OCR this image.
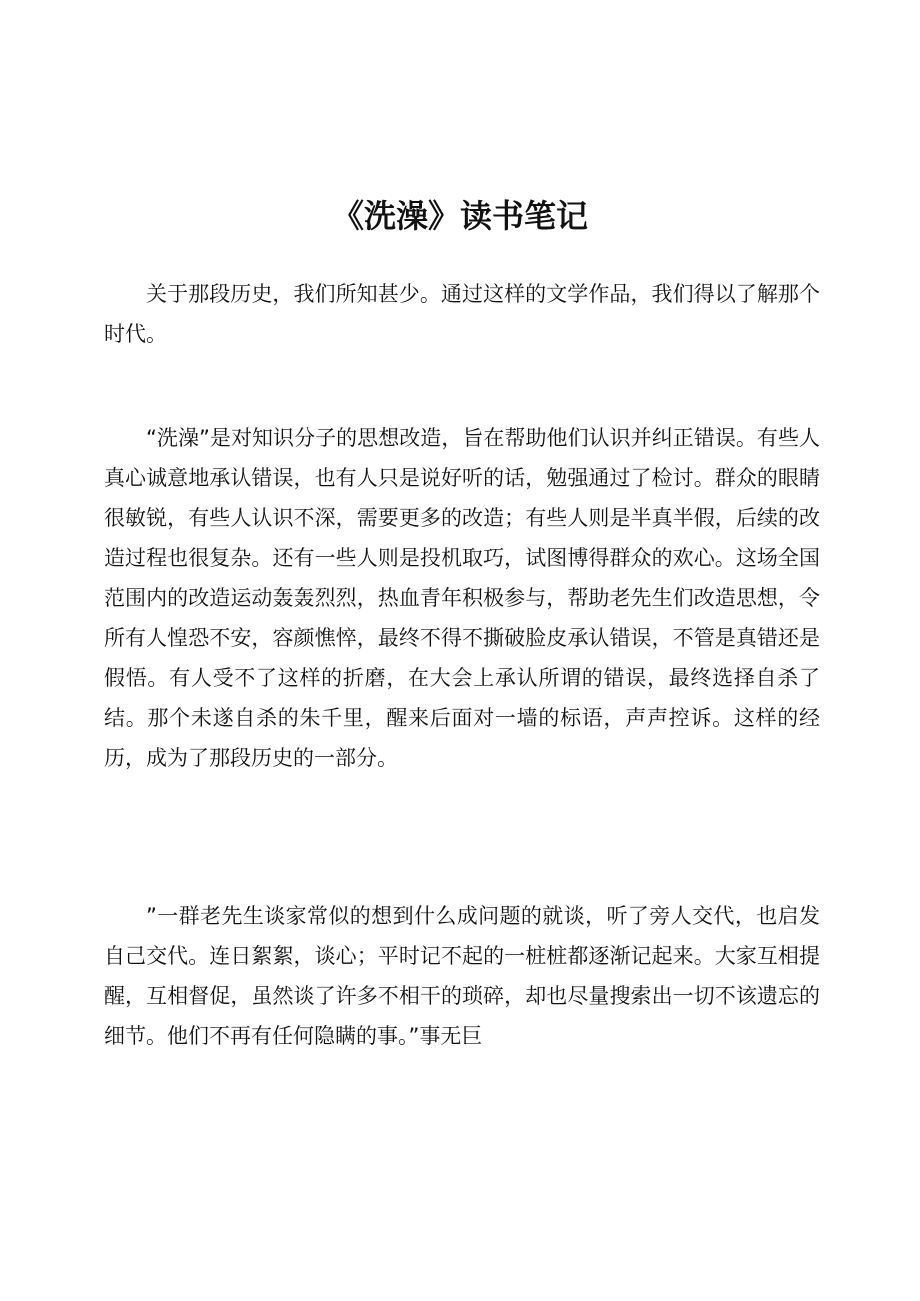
《洗澡》读书笔记

关于那段历史，我们所知甚少。通过这样的文学作品，我们得以了解那个时代。

“洗澡”是对知识分子的思想改造，旨在帮助他们认识并纠正错误。有些人真心诚意地承认错误，也有人只是说好听的话，勉强通过了检讨。群众的眼睛很敏锐，有些人认识不深，需要更多的改造；有些人则是半真半假，后续的改造过程也很复杂。还有一些人则是投机取巧，试图博得群众的欢心。这场全国范围内的改造运动轰轰烈烈，热血青年积极参与，帮助老先生们改造思想，令所有人惶恐不安，容颜憔悴，最终不得不撕破脸皮承认错误，不管是真错还是假悟。有人受不了这样的折磨，在大会上承认所谓的错误，最终选择自杀了结。那个未遂自杀的朱千里，醒来后面对一墙的标语，声声控诉。这样的经历，成为了那段历史的一部分。

”一群老先生谈家常似的想到什么成问题的就谈，听了旁人交代，也启发自己交代。连日絮絮，谈心；平时记不起的一桩桩都逐渐记起来。大家互相提醒，互相督促，虽然谈了许多不相干的琐碎，却也尽量搜索出一切不该遗忘的细节。他们不再有任何隐瞒的事。”事无巨
